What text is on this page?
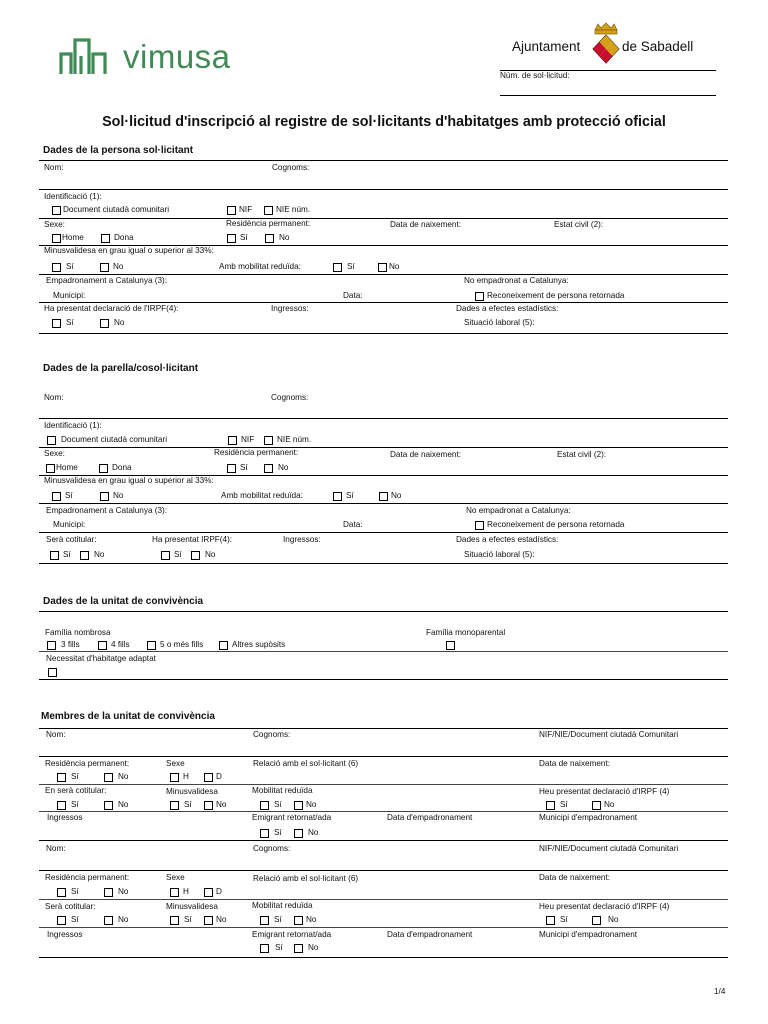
vimusa	Ajuntament	de Sabadell
Núm. de sol·licitud:
Sol·licitud d'inscripció al registre de sol·licitants d'habitatges amb protecció oficial
Dades de la persona sol·licitant
Nom:	Cognoms:
Identificació (1):
Document ciutadà comunitari	NIF	NIE núm.
Sexe:	Residència permanent:	Data de naixement:	Estat civil (2):
Home	Dona	Sí	No
Minusvalidesa en grau igual o superior al 33%:
Sí	No	Amb mobilitat reduïda:	Sí	No
Empadronament a Catalunya (3):	No empadronat a Catalunya:
Municipi:	Data:	Reconeixement de persona retornada
Ha presentat declaració de l'IRPF(4):	Ingressos:	Dades a efectes estadístics:
Sí	No	Situació laboral (5):
Dades de la parella/cosol·licitant
Nom:	Cognoms:
Identificació (1):
Document ciutadà comunitari	NIF	NIE núm.
Sexe:	Residència permanent:	Data de naixement:	Estat civil (2):
Home	Dona	Sí	No
Minusvalidesa en grau igual o superior al 33%:
Sí	No	Amb mobilitat reduïda:	Sí	No
Empadronament a Catalunya (3):	No empadronat a Catalunya:
Municipi:	Data:	Reconeixement de persona retornada
Serà cotitular:	Ha presentat IRPF(4):	Ingressos:	Dades a efectes estadístics:
Sí	No	Sí	No	Situació laboral (5):
Dades de la unitat de convivència
Família nombrosa	Família monoparental
3 fills	4 fills	5 o més fills	Altres supòsits
Necessitat d'habitatge adaptat
Membres de la unitat de convivència
Nom:	Cognoms:	NIF/NIE/Document ciutadà Comunitari
Residència permanent:	Sexe	Relació amb el sol·licitant (6)	Data de naixement:
Sí	No	H	D
En serà cotitular:	Minusvalidesa	Mobilitat reduïda	Heu presentat declaració d'IRPF (4)
Sí	No	Sí	No	Sí	No	Sí	No
Ingressos	Emigrant retornat/ada	Data d'empadronament	Municipi d'empadronament
Sí	No
Nom:	Cognoms:	NIF/NIE/Document ciutadà Comunitari
Residència permanent:	Sexe	Relació amb el sol·licitant (6)	Data de naixement:
Sí	No	H	D
Serà cotitular:	Minusvalidesa	Mobilitat reduïda	Heu presentat declaració d'IRPF (4)
Sí	No	Sí	No	Sí	No	Sí	No
Ingressos	Emigrant retornat/ada	Data d'empadronament	Municipi d'empadronament
Sí	No
1/4
